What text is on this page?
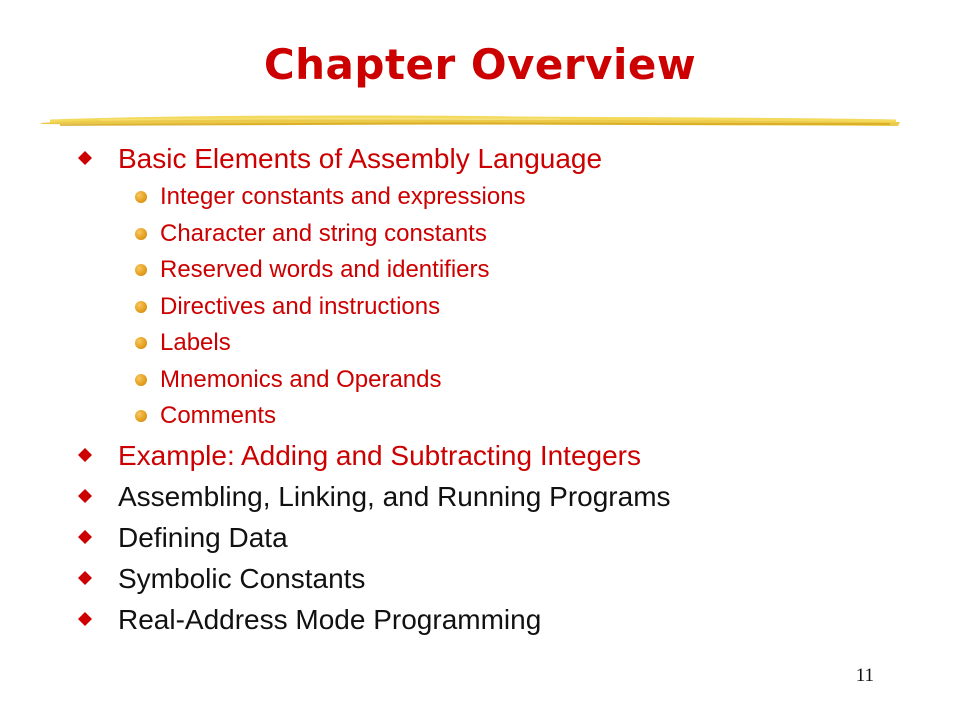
Chapter Overview
Basic Elements of Assembly Language
Integer constants and expressions
Character and string constants
Reserved words and identifiers
Directives and instructions
Labels
Mnemonics and Operands
Comments
Example: Adding and Subtracting Integers
Assembling, Linking, and Running Programs
Defining Data
Symbolic Constants
Real-Address Mode Programming
11
